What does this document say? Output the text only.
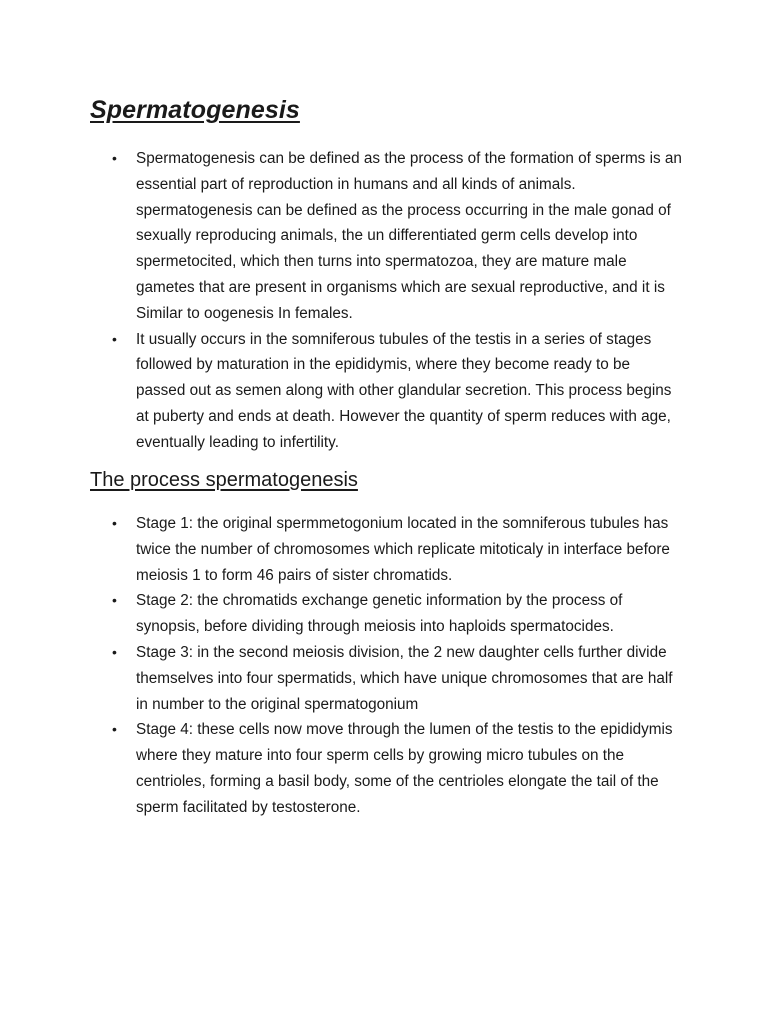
Spermatogenesis
• Spermatogenesis can be defined as the process of the formation of sperms is an essential part of reproduction in humans and all kinds of animals. spermatogenesis can be defined as the process occurring in the male gonad of sexually reproducing animals, the un differentiated germ cells develop into spermetocited, which then turns into spermatozoa, they are mature male gametes that are present in organisms which are sexual reproductive, and it is Similar to oogenesis In females.
• It usually occurs in the somniferous tubules of the testis in a series of stages followed by maturation in the epididymis, where they become ready to be passed out as semen along with other glandular secretion. This process begins at puberty and ends at death. However the quantity of sperm reduces with age, eventually leading to infertility.
The process spermatogenesis
• Stage 1: the original spermmetogonium located in the somniferous tubules has twice the number of chromosomes which replicate mitoticaly in interface before meiosis 1 to form 46 pairs of sister chromatids.
• Stage 2: the chromatids exchange genetic information by the process of synopsis, before dividing through meiosis into haploids spermatocides.
• Stage 3: in the second meiosis division, the 2 new daughter cells further divide themselves into four spermatids, which have unique chromosomes that are half in number to the original spermatogonium
• Stage 4: these cells now move through the lumen of the testis to the epididymis where they mature into four sperm cells by growing micro tubules on the centrioles, forming a basil body, some of the centrioles elongate the tail of the sperm facilitated by testosterone.
